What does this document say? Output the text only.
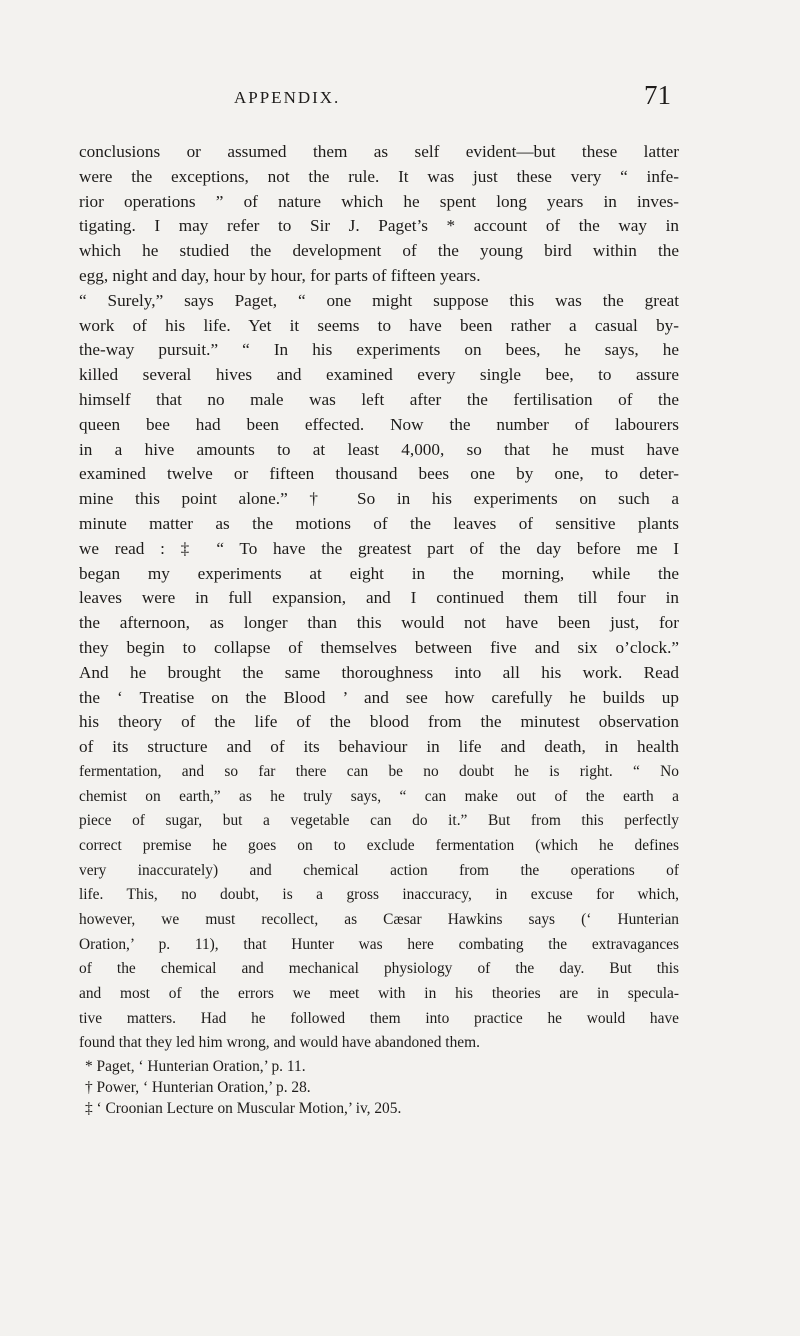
APPENDIX.	71
conclusions or assumed them as self evident—but these latter
were the exceptions, not the rule. It was just these very “ infe-
rior operations ” of nature which he spent long years in inves-
tigating. I may refer to Sir J. Paget’s * account of the way in
which he studied the development of the young bird within the
egg, night and day, hour by hour, for parts of fifteen years.
“ Surely,” says Paget, “ one might suppose this was the great
work of his life. Yet it seems to have been rather a casual by-
the-way pursuit.” “ In his experiments on bees, he says, he
killed several hives and examined every single bee, to assure
himself that no male was left after the fertilisation of the
queen bee had been effected. Now the number of labourers
in a hive amounts to at least 4,000, so that he must have
examined twelve or fifteen thousand bees one by one, to deter-
mine this point alone.” † So in his experiments on such a
minute matter as the motions of the leaves of sensitive plants
we read : ‡ “ To have the greatest part of the day before me I
began my experiments at eight in the morning, while the
leaves were in full expansion, and I continued them till four in
the afternoon, as longer than this would not have been just, for
they begin to collapse of themselves between five and six o’clock.”
And he brought the same thoroughness into all his work. Read
the ‘ Treatise on the Blood ’ and see how carefully he builds up
his theory of the life of the blood from the minutest observation
of its structure and of its behaviour in life and death, in health
fermentation, and so far there can be no doubt he is right. “ No
chemist on earth,” as he truly says, “ can make out of the earth a
piece of sugar, but a vegetable can do it.” But from this perfectly
correct premise he goes on to exclude fermentation (which he defines
very inaccurately) and chemical action from the operations of
life. This, no doubt, is a gross inaccuracy, in excuse for which,
however, we must recollect, as Cæsar Hawkins says (‘ Hunterian
Oration,’ p. 11), that Hunter was here combating the extravagances
of the chemical and mechanical physiology of the day. But this
and most of the errors we meet with in his theories are in specula-
tive matters. Had he followed them into practice he would have
found that they led him wrong, and would have abandoned them.
* Paget, ‘ Hunterian Oration,’ p. 11.
† Power, ‘ Hunterian Oration,’ p. 28.
‡ ‘ Croonian Lecture on Muscular Motion,’ iv, 205.
